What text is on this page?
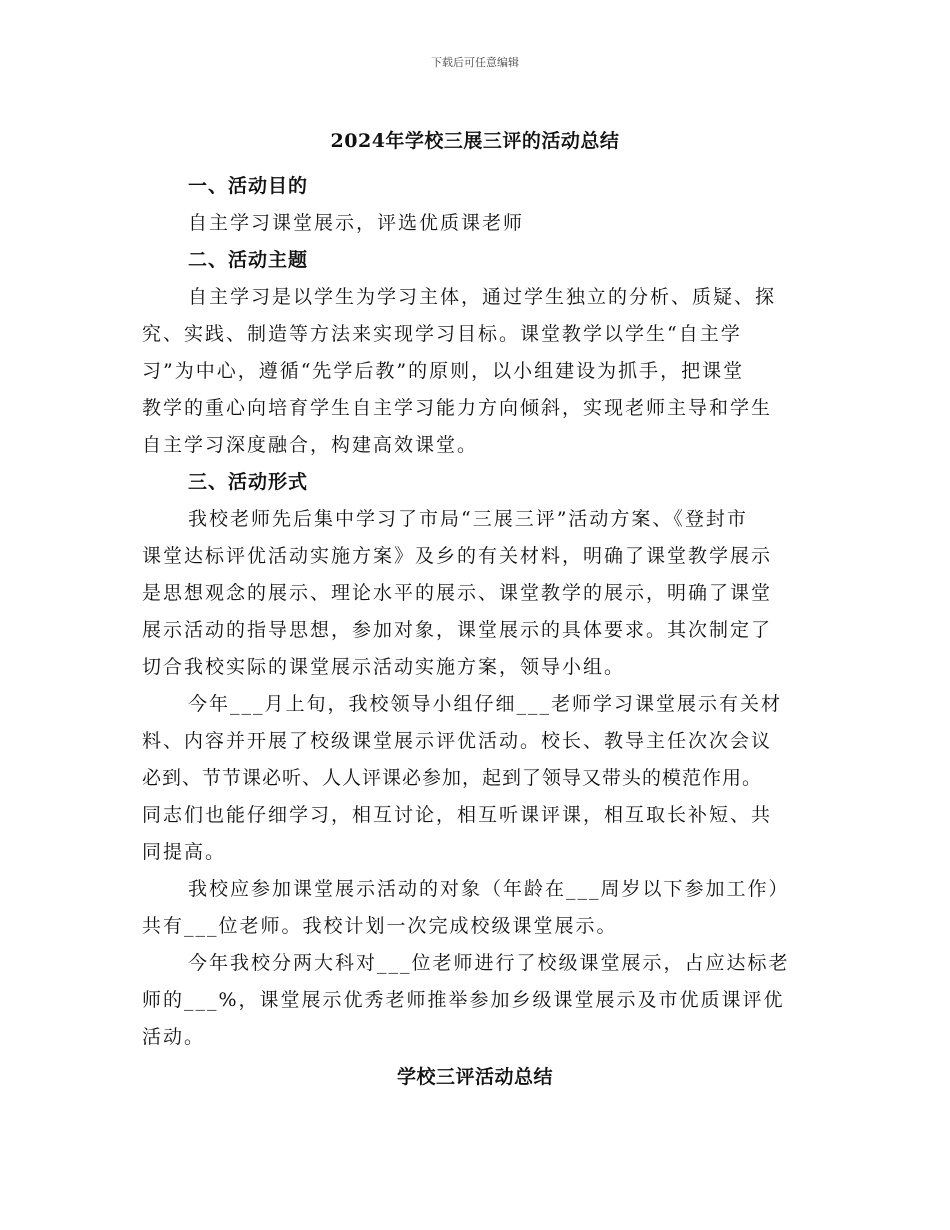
下载后可任意编辑
2024年学校三展三评的活动总结
一、活动目的
自主学习课堂展示，评选优质课老师
二、活动主题
自主学习是以学生为学习主体，通过学生独立的分析、质疑、探
究、实践、制造等方法来实现学习目标。课堂教学以学生“自主学
习”为中心，遵循“先学后教”的原则，以小组建设为抓手，把课堂
教学的重心向培育学生自主学习能力方向倾斜，实现老师主导和学生
自主学习深度融合，构建高效课堂。
三、活动形式
我校老师先后集中学习了市局“三展三评”活动方案、《登封市
课堂达标评优活动实施方案》及乡的有关材料，明确了课堂教学展示
是思想观念的展示、理论水平的展示、课堂教学的展示，明确了课堂
展示活动的指导思想，参加对象，课堂展示的具体要求。其次制定了
切合我校实际的课堂展示活动实施方案，领导小组。
今年___月上旬，我校领导小组仔细___老师学习课堂展示有关材
料、内容并开展了校级课堂展示评优活动。校长、教导主任次次会议
必到、节节课必听、人人评课必参加，起到了领导又带头的模范作用。
同志们也能仔细学习，相互讨论，相互听课评课，相互取长补短、共
同提高。
我校应参加课堂展示活动的对象（年龄在___周岁以下参加工作）
共有___位老师。我校计划一次完成校级课堂展示。
今年我校分两大科对___位老师进行了校级课堂展示，占应达标老
师的___%，课堂展示优秀老师推举参加乡级课堂展示及市优质课评优
活动。
学校三评活动总结
